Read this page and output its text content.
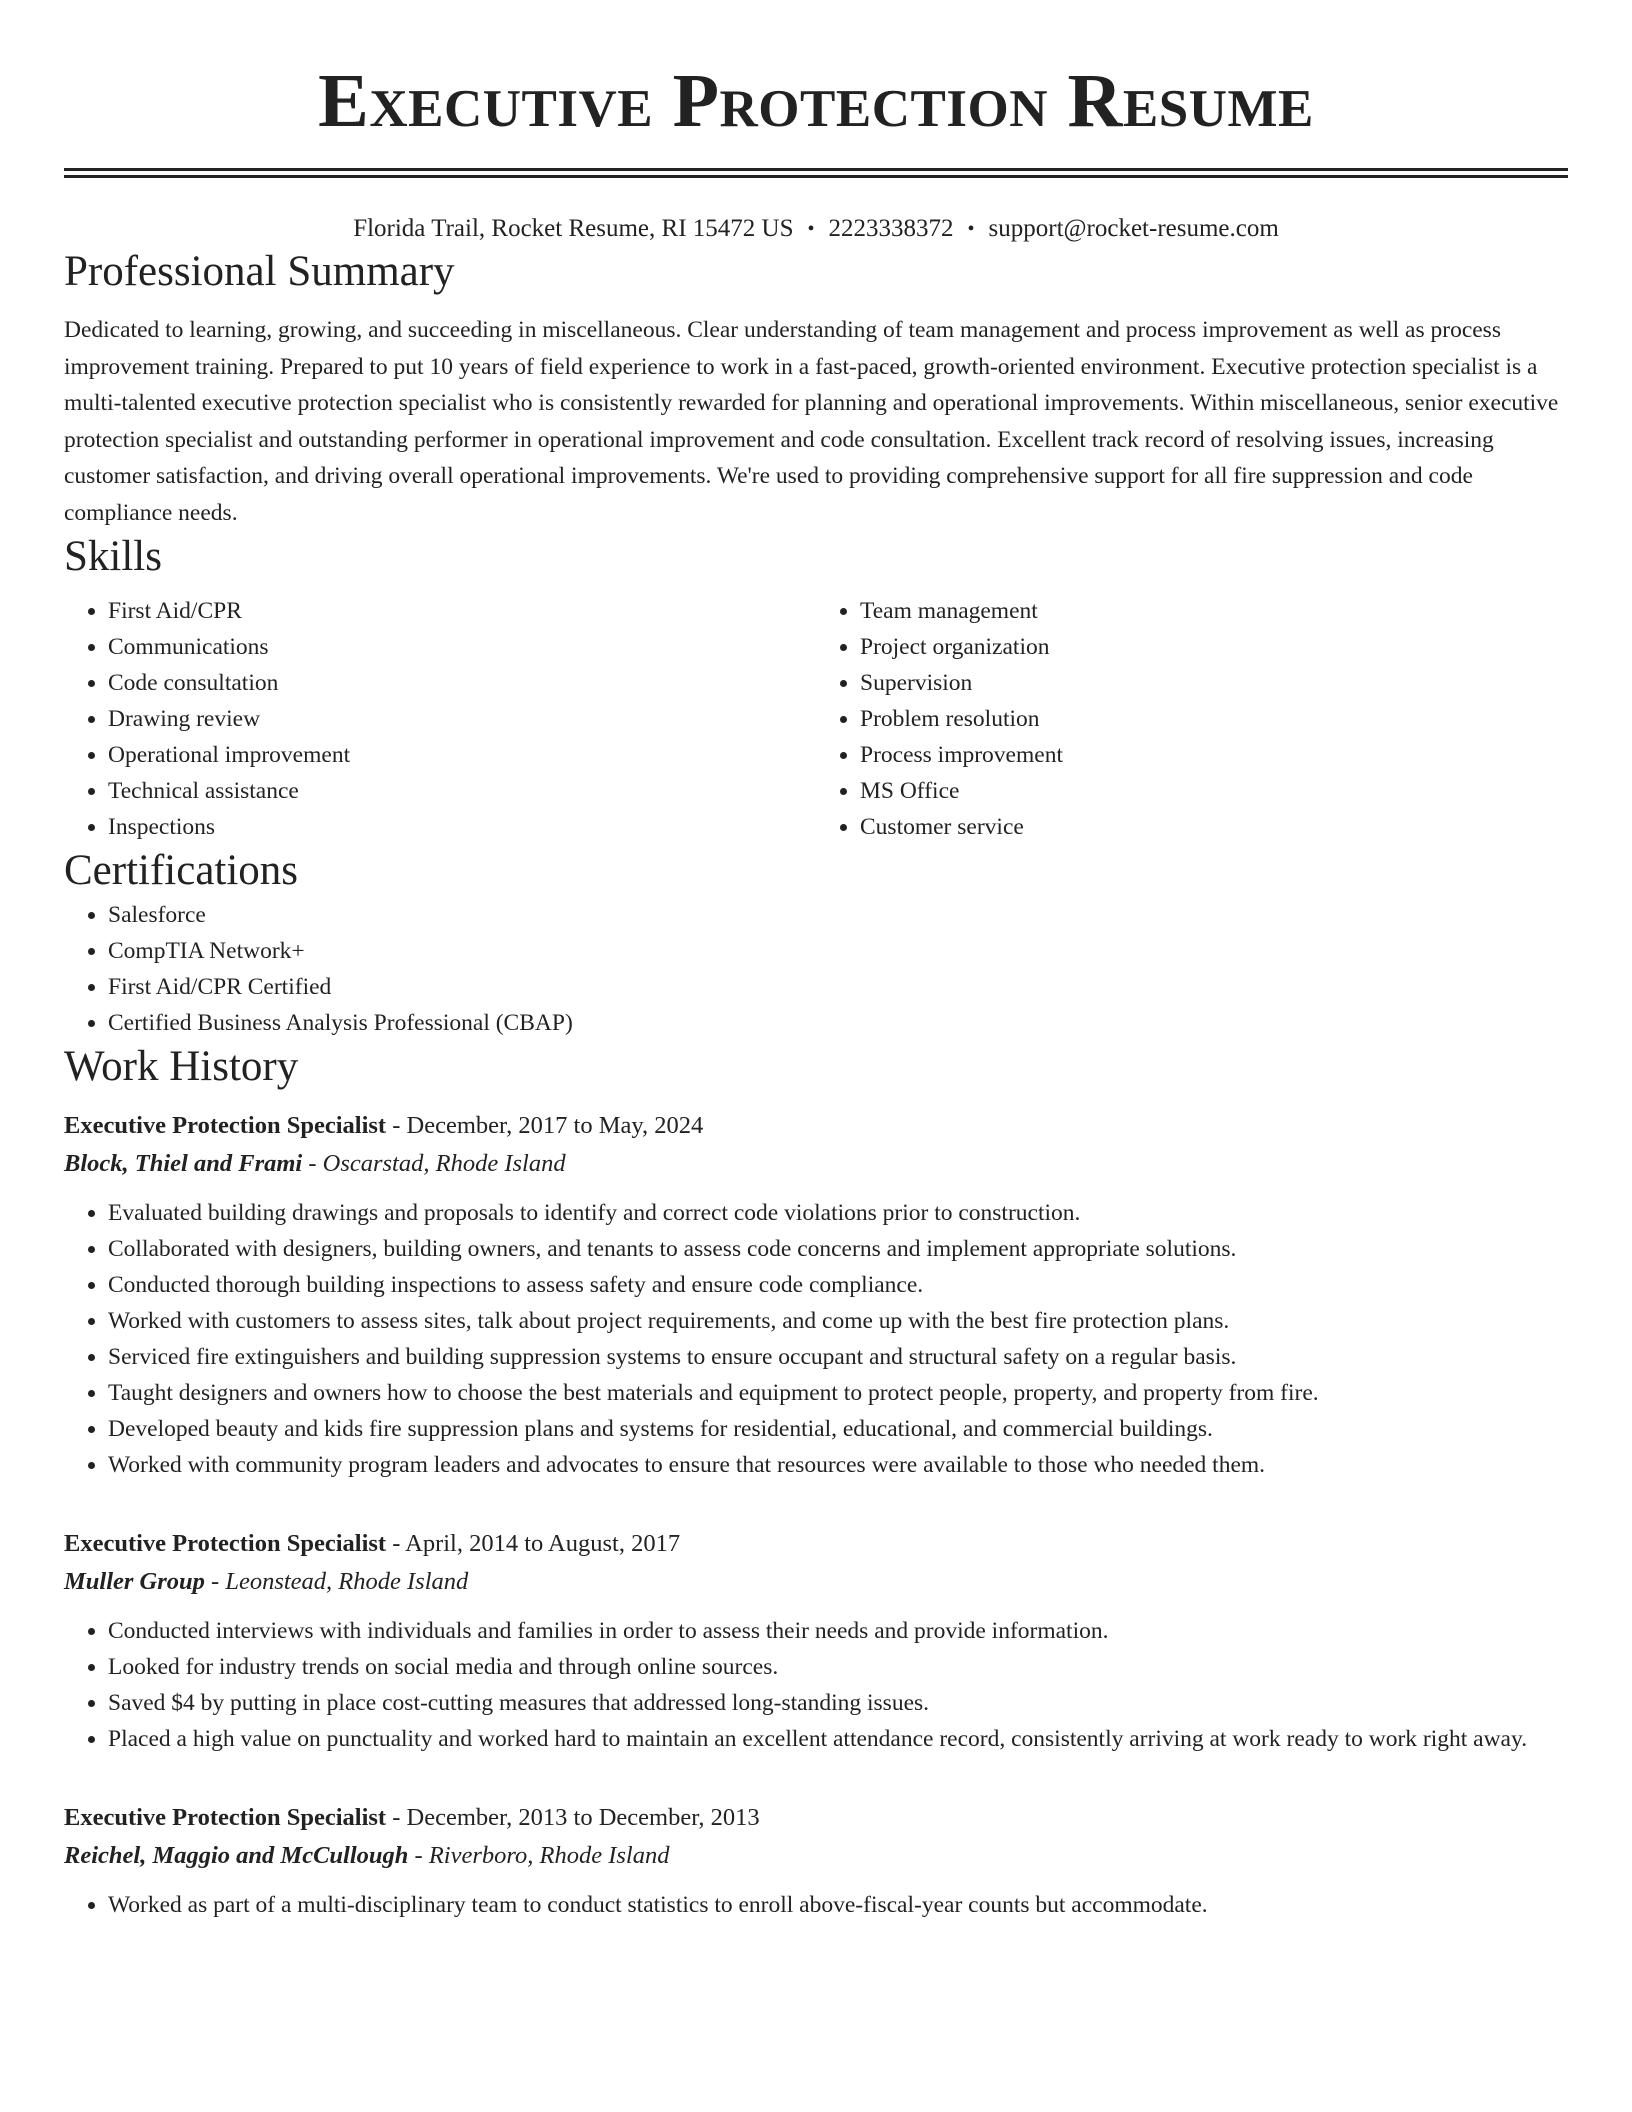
Executive Protection Resume
Florida Trail, Rocket Resume, RI 15472 US • 2223338372 • support@rocket-resume.com
Professional Summary

Dedicated to learning, growing, and succeeding in miscellaneous. Clear understanding of team management and process improvement as well as process improvement training. Prepared to put 10 years of field experience to work in a fast-paced, growth-oriented environment. Executive protection specialist is a multi-talented executive protection specialist who is consistently rewarded for planning and operational improvements. Within miscellaneous, senior executive protection specialist and outstanding performer in operational improvement and code consultation. Excellent track record of resolving issues, increasing customer satisfaction, and driving overall operational improvements. We're used to providing comprehensive support for all fire suppression and code compliance needs.

Skills
• First Aid/CPR
• Communications
• Code consultation
• Drawing review
• Operational improvement
• Technical assistance
• Inspections
• Team management
• Project organization
• Supervision
• Problem resolution
• Process improvement
• MS Office
• Customer service
Certifications
• Salesforce
• CompTIA Network+
• First Aid/CPR Certified
• Certified Business Analysis Professional (CBAP)
Work History
Executive Protection Specialist - December, 2017 to May, 2024
Block, Thiel and Frami - Oscarstad, Rhode Island
• Evaluated building drawings and proposals to identify and correct code violations prior to construction.
• Collaborated with designers, building owners, and tenants to assess code concerns and implement appropriate solutions.
• Conducted thorough building inspections to assess safety and ensure code compliance.
• Worked with customers to assess sites, talk about project requirements, and come up with the best fire protection plans.
• Serviced fire extinguishers and building suppression systems to ensure occupant and structural safety on a regular basis.
• Taught designers and owners how to choose the best materials and equipment to protect people, property, and property from fire.
• Developed beauty and kids fire suppression plans and systems for residential, educational, and commercial buildings.
• Worked with community program leaders and advocates to ensure that resources were available to those who needed them.
Executive Protection Specialist - April, 2014 to August, 2017
Muller Group - Leonstead, Rhode Island
• Conducted interviews with individuals and families in order to assess their needs and provide information.
• Looked for industry trends on social media and through online sources.
• Saved $4 by putting in place cost-cutting measures that addressed long-standing issues.
• Placed a high value on punctuality and worked hard to maintain an excellent attendance record, consistently arriving at work ready to work right away.
Executive Protection Specialist - December, 2013 to December, 2013
Reichel, Maggio and McCullough - Riverboro, Rhode Island
• Worked as part of a multi-disciplinary team to conduct statistics to enroll above-fiscal-year counts but accommodate.
